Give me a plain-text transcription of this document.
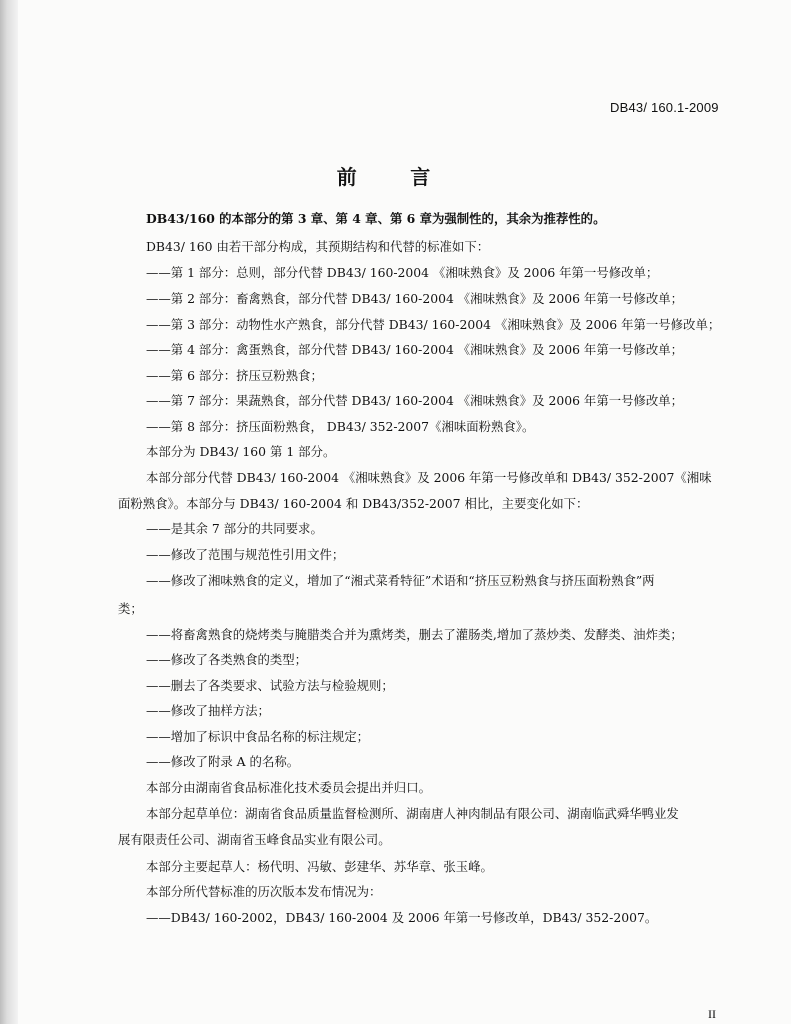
DB43/ 160.1-2009
前 言
DB43/160 的本部分的第 3 章、第 4 章、第 6 章为强制性的，其余为推荐性的。
DB43/ 160 由若干部分构成，其预期结构和代替的标准如下：
——第 1 部分：总则，部分代替 DB43/ 160-2004 《湘味熟食》及 2006 年第一号修改单；
——第 2 部分：畜禽熟食，部分代替 DB43/ 160-2004 《湘味熟食》及 2006 年第一号修改单；
——第 3 部分：动物性水产熟食，部分代替 DB43/ 160-2004 《湘味熟食》及 2006 年第一号修改单；
——第 4 部分：禽蛋熟食，部分代替 DB43/ 160-2004 《湘味熟食》及 2006 年第一号修改单；
——第 6 部分：挤压豆粉熟食；
——第 7 部分：果蔬熟食，部分代替 DB43/ 160-2004 《湘味熟食》及 2006 年第一号修改单；
——第 8 部分：挤压面粉熟食， DB43/ 352-2007《湘味面粉熟食》。
本部分为 DB43/ 160 第 1 部分。
本部分部分代替 DB43/ 160-2004 《湘味熟食》及 2006 年第一号修改单和 DB43/ 352-2007《湘味
面粉熟食》。本部分与 DB43/ 160-2004 和 DB43/352-2007 相比，主要变化如下：
——是其余 7 部分的共同要求。
——修改了范围与规范性引用文件；
——修改了湘味熟食的定义，增加了“湘式菜肴特征”术语和“挤压豆粉熟食与挤压面粉熟食”两
类；
——将畜禽熟食的烧烤类与腌腊类合并为熏烤类，删去了灌肠类,增加了蒸炒类、发酵类、油炸类；
——修改了各类熟食的类型；
——删去了各类要求、试验方法与检验规则；
——修改了抽样方法；
——增加了标识中食品名称的标注规定；
——修改了附录 A 的名称。
本部分由湖南省食品标准化技术委员会提出并归口。
本部分起草单位：湖南省食品质量监督检测所、湖南唐人神肉制品有限公司、湖南临武舜华鸭业发
展有限责任公司、湖南省玉峰食品实业有限公司。
本部分主要起草人：杨代明、冯敏、彭建华、苏华章、张玉峰。
本部分所代替标准的历次版本发布情况为：
——DB43/ 160-2002，DB43/ 160-2004 及 2006 年第一号修改单，DB43/ 352-2007。
II
